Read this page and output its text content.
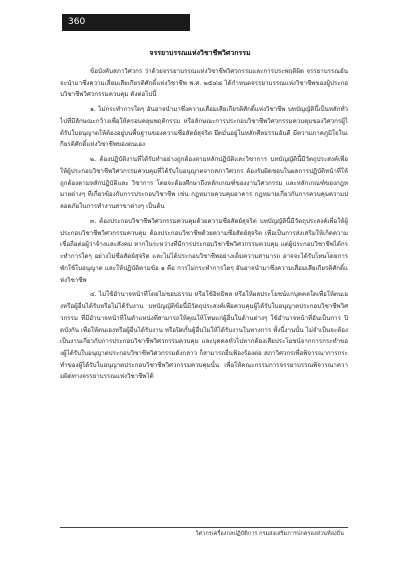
360
จรรยาบรรณแห่งวิชาชีพวิศวกรรม

ข้อบังคับสภาวิศวกร ว่าด้วยจรรยาบรรณแห่งวิชาชีพวิศวกรรมและการประพฤติผิด จรรยาบรรณอันจะนำมาซึ่งความเสื่อมเสียเกียรติศักดิ์แห่งวิชาชีพ พ.ศ. ๒๕๔๘ ได้กำหนดจรรยาบรรณแห่งวิชาชีพของผู้ประกอบวิชาชีพวิศวกรรมควบคุม ดังต่อไปนี้

๑. ไม่กระทำการใดๆ อันอาจนำมาซึ่งความเสื่อมเสียเกียรติศักดิ์แห่งวิชาชีพ บทบัญญัตินี้เป็นหลักทั่วไปที่มีลักษณะกว้างเพื่อให้ครอบคลุมพฤติกรรม หรือลักษณะการประกอบวิชาชีพวิศวกรรมควบคุมของวิศวกรผู้ได้รับใบอนุญาตให้ต้องอยู่บนพื้นฐานของความซื่อสัตย์สุจริต ยึดมั่นอยู่ในหลักศีลธรรมอันดี มีความภาคภูมิใจในเกียรติศักดิ์แห่งวิชาชีพของตนเอง

๒. ต้องปฏิบัติงานที่ได้รับทำอย่างถูกต้องตามหลักปฏิบัติและวิชาการ บทบัญญัตินี้มีวัตถุประสงค์เพื่อให้ผู้ประกอบวิชาชีพวิศวกรรมควบคุมที่ได้รับใบอนุญาตจากสภาวิศวกร ต้องรับผิดชอบในผลการปฏิบัติหน้าที่ให้ถูกต้องตามหลักปฏิบัติและ วิชาการ โดยจะต้องศึกษาถึงหลักเกณฑ์ของงานวิศวกรรม และหลักเกณฑ์ของกฎหมายต่างๆ ที่เกี่ยวข้องกับการประกอบวิชาชีพ เช่น กฎหมายควบคุมอาคาร กฎหมายเกี่ยวกับการควบคุมความปลอดภัยในการทำงานสาขาต่างๆ เป็นต้น

๓. ต้องประกอบวิชาชีพวิศวกรรมควบคุมด้วยความซื่อสัตย์สุจริต บทบัญญัตินี้มีวัตถุประสงค์เพื่อให้ผู้ประกอบวิชาชีพวิศวกรรมควบคุม ต้องประกอบวิชาชีพด้วยความซื่อสัตย์สุจริต เพื่อเป็นการส่งเสริมให้เกิดความเชื่อถือต่อผู้ว่าจ้างและสังคม หากในระหว่างที่มีการประกอบวิชาชีพวิศวกรรมควบคุม แต่ผู้ประกอบวิชาชีพได้กระทำการใดๆ อย่างไม่ซื่อสัตย์สุจริต และไม่ได้ประกอบวิชาชีพอย่างเต็มความสามารถ อาจจะได้รับโทษโดยการพักใช้ใบอนุญาต และให้ปฏิบัติตามข้อ ๑ คือ การไม่กระทำการใดๆ อันอาจนำมาซึ่งความเสื่อมเสียเกียรติศักดิ์แห่งวิชาชีพ

๔. ไม่ใช้อำนาจหน้าที่โดยไม่ชอบธรรม หรือใช้อิทธิพล หรือให้ผลประโยชน์แก่บุคคลใดเพื่อให้ตนเองหรือผู้อื่นได้รับหรือไม่ได้รับงาน บทบัญญัติข้อนี้มีวัตถุประสงค์เพื่อควบคุมผู้ได้รับใบอนุญาตประกอบวิชาชีพวิศวกรรม ที่มีอำนาจหน้าที่ในตำแหน่งที่สามารถให้คุณให้โทษแก่ผู้อื่นในด้านต่างๆ ใช้อำนาจหน้าที่อันเป็นการ ปิดบังกัน เพื่อให้ตนเองหรือผู้อื่นได้รับงาน หรือปิดกั้นผู้อื่นไม่ให้ได้รับงานในทางการ ทั้งนี้งานนั้น ไม่จำเป็นจะต้องเป็นงานเกี่ยวกับการประกอบวิชาชีพวิศวกรรมควบคุม และบุคคลทั่วไปหากต้องเสียประโยชน์จากการกระทำของผู้ได้รับใบอนุญาตประกอบวิชาชีพวิศวกรรมดังกล่าว ก็สามารถยื่นฟ้องร้องต่อ สภาวิศวกรเพื่อพิจารณาการกระทำของผู้ได้รับใบอนุญาตประกอบวิชาชีพวิศวกรรมควบคุมนั้น เพื่อให้คณะกรรมการจรรยาบรรณพิจารณาความผิดทางจรรยาบรรณแห่งวิชาชีพได้

วิศวกรเครื่องกลปฏิบัติการ กรมส่งเสริมการปกครองส่วนท้องถิ่น
